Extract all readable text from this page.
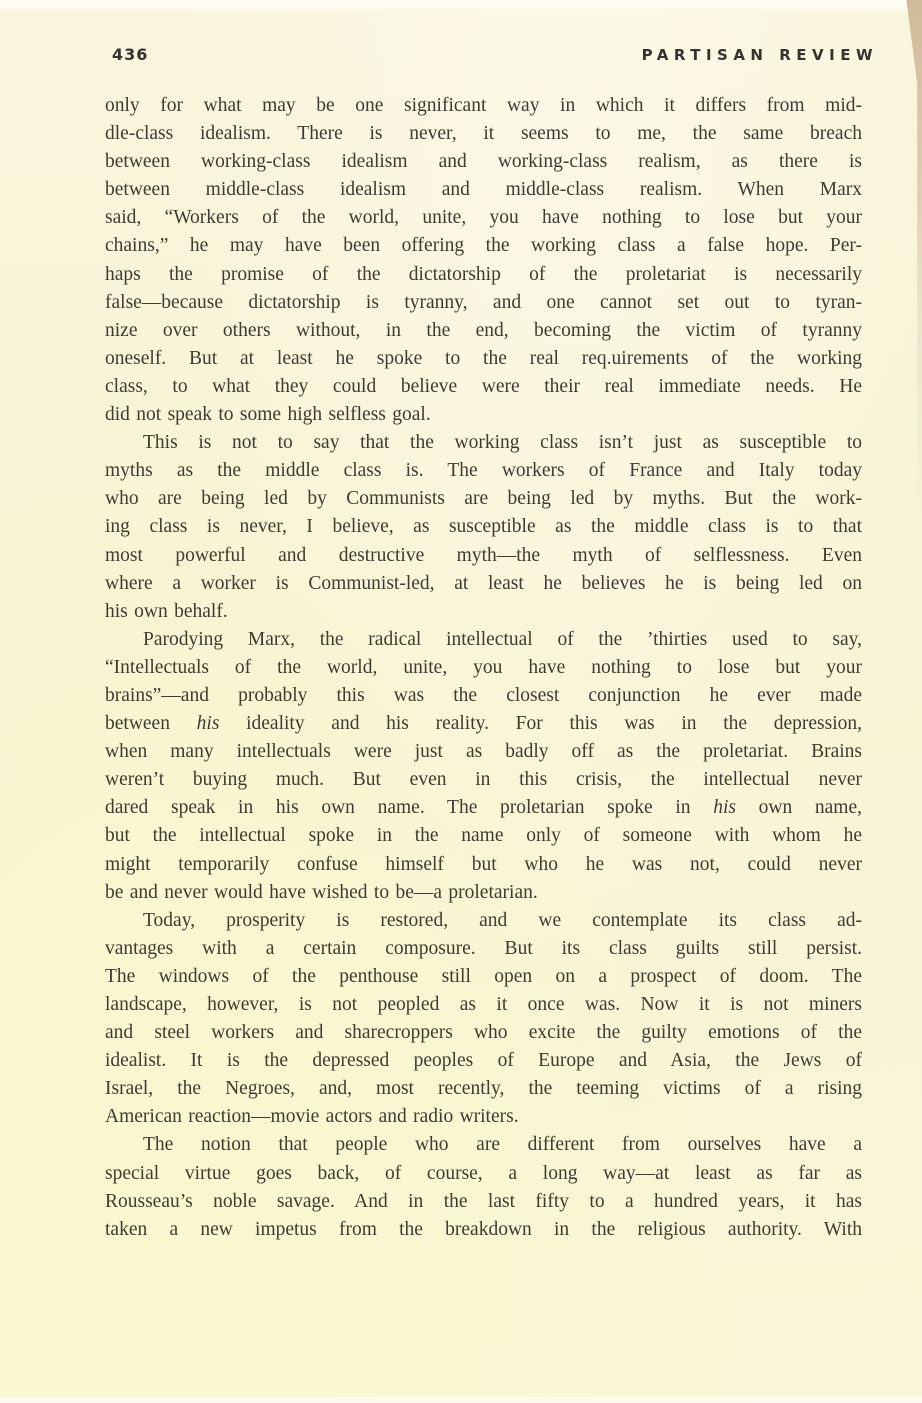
436	PARTISAN REVIEW
only for what may be one significant way in which it differs from mid-
dle-class idealism. There is never, it seems to me, the same breach
between working-class idealism and working-class realism, as there is
between middle-class idealism and middle-class realism. When Marx
said, “Workers of the world, unite, you have nothing to lose but your
chains,” he may have been offering the working class a false hope. Per-
haps the promise of the dictatorship of the proletariat is necessarily
false—because dictatorship is tyranny, and one cannot set out to tyran-
nize over others without, in the end, becoming the victim of tyranny
oneself. But at least he spoke to the real req.uirements of the working
class, to what they could believe were their real immediate needs. He
did not speak to some high selfless goal.
This is not to say that the working class isn’t just as susceptible to
myths as the middle class is. The workers of France and Italy today
who are being led by Communists are being led by myths. But the work-
ing class is never, I believe, as susceptible as the middle class is to that
most powerful and destructive myth—the myth of selflessness. Even
where a worker is Communist-led, at least he believes he is being led on
his own behalf.
Parodying Marx, the radical intellectual of the ’thirties used to say,
“Intellectuals of the world, unite, you have nothing to lose but your
brains”—and probably this was the closest conjunction he ever made
between his ideality and his reality. For this was in the depression,
when many intellectuals were just as badly off as the proletariat. Brains
weren’t buying much. But even in this crisis, the intellectual never
dared speak in his own name. The proletarian spoke in his own name,
but the intellectual spoke in the name only of someone with whom he
might temporarily confuse himself but who he was not, could never
be and never would have wished to be—a proletarian.
Today, prosperity is restored, and we contemplate its class ad-
vantages with a certain composure. But its class guilts still persist.
The windows of the penthouse still open on a prospect of doom. The
landscape, however, is not peopled as it once was. Now it is not miners
and steel workers and sharecroppers who excite the guilty emotions of the
idealist. It is the depressed peoples of Europe and Asia, the Jews of
Israel, the Negroes, and, most recently, the teeming victims of a rising
American reaction—movie actors and radio writers.
The notion that people who are different from ourselves have a
special virtue goes back, of course, a long way—at least as far as
Rousseau’s noble savage. And in the last fifty to a hundred years, it has
taken a new impetus from the breakdown in the religious authority. With
